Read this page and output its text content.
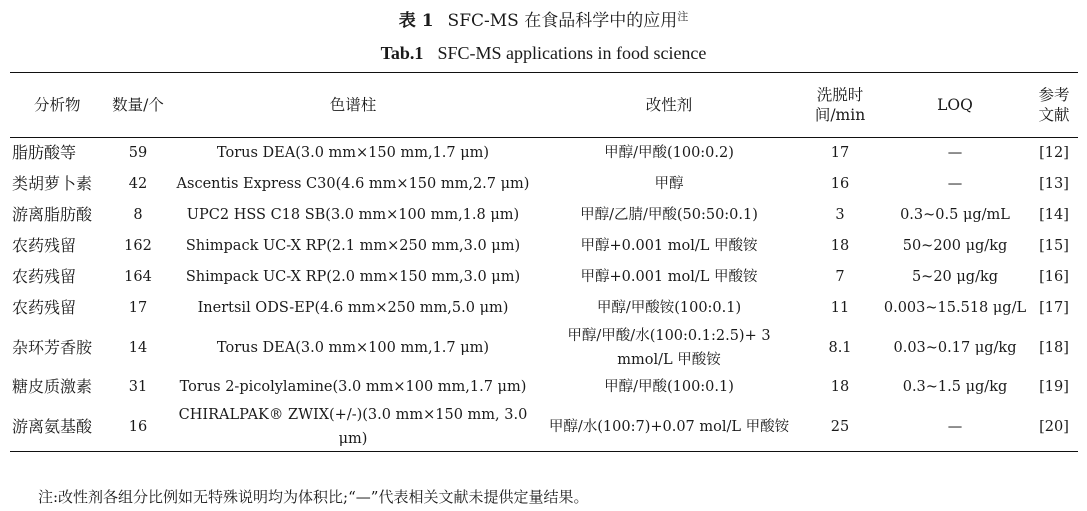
表 1 SFC-MS 在食品科学中的应用$^注$
Tab.1 SFC-MS applications in food science
分析物	数量/个	色谱柱	改性剂	洗脱时间/min	LOQ	参考文献
脂肪酸等	59	Torus DEA(3.0 mm×150 mm,1.7 μm)	甲醇/甲酸(100:0.2)	17	—	[12]
类胡萝卜素	42	Ascentis Express C30(4.6 mm×150 mm,2.7 μm)	甲醇	16	—	[13]
游离脂肪酸	8	UPC2 HSS C18 SB(3.0 mm×100 mm,1.8 μm)	甲醇/乙腈/甲酸(50:50:0.1)	3	0.3~0.5 μg/mL	[14]
农药残留	162	Shimpack UC-X RP(2.1 mm×250 mm,3.0 μm)	甲醇+0.001 mol/L 甲酸铵	18	50~200 μg/kg	[15]
农药残留	164	Shimpack UC-X RP(2.0 mm×150 mm,3.0 μm)	甲醇+0.001 mol/L 甲酸铵	7	5~20 μg/kg	[16]
农药残留	17	Inertsil ODS-EP(4.6 mm×250 mm,5.0 μm)	甲醇/甲酸铵(100:0.1)	11	0.003~15.518 μg/L	[17]
杂环芳香胺	14	Torus DEA(3.0 mm×100 mm,1.7 μm)	甲醇/甲酸/水(100:0.1:2.5)+ 3 mmol/L 甲酸铵	8.1	0.03~0.17 μg/kg	[18]
糖皮质激素	31	Torus 2-picolylamine(3.0 mm×100 mm,1.7 μm)	甲醇/甲酸(100:0.1)	18	0.3~1.5 μg/kg	[19]
游离氨基酸	16	CHIRALPAK® ZWIX(+/-)(3.0 mm×150 mm, 3.0 μm)	甲醇/水(100:7)+0.07 mol/L 甲酸铵	25	—	[20]
注:改性剂各组分比例如无特殊说明均为体积比;“—”代表相关文献未提供定量结果。
